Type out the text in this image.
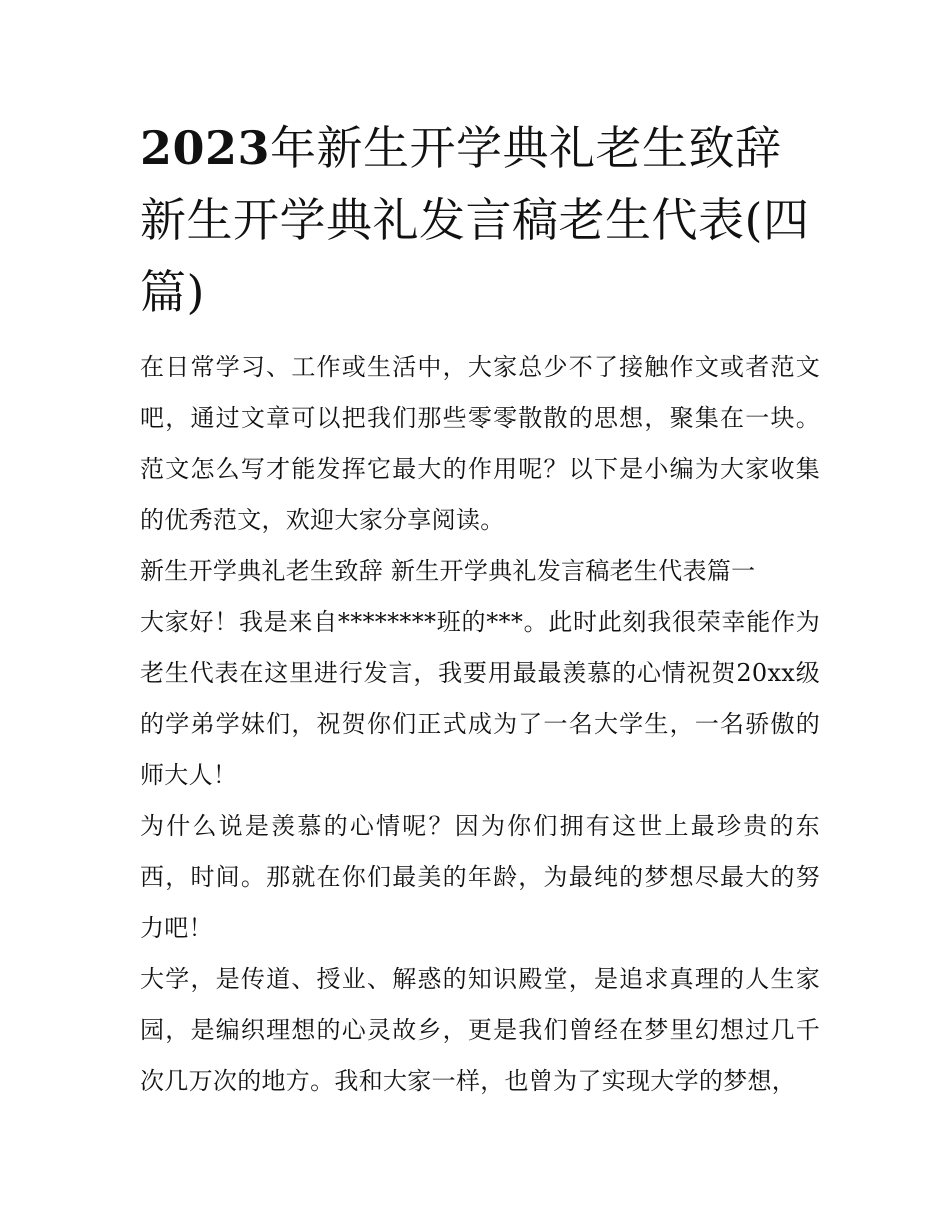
2023年新生开学典礼老生致辞新生开学典礼发言稿老生代表(四篇)

在日常学习、工作或生活中，大家总少不了接触作文或者范文吧，通过文章可以把我们那些零零散散的思想，聚集在一块。范文怎么写才能发挥它最大的作用呢？以下是小编为大家收集的优秀范文，欢迎大家分享阅读。

新生开学典礼老生致辞 新生开学典礼发言稿老生代表篇一

大家好！我是来自********班的***。此时此刻我很荣幸能作为老生代表在这里进行发言，我要用最最羡慕的心情祝贺20xx级的学弟学妹们，祝贺你们正式成为了一名大学生，一名骄傲的师大人！

为什么说是羡慕的心情呢？因为你们拥有这世上最珍贵的东西，时间。那就在你们最美的年龄，为最纯的梦想尽最大的努力吧！

大学，是传道、授业、解惑的知识殿堂，是追求真理的人生家园，是编织理想的心灵故乡，更是我们曾经在梦里幻想过几千次几万次的地方。我和大家一样，也曾为了实现大学的梦想，
